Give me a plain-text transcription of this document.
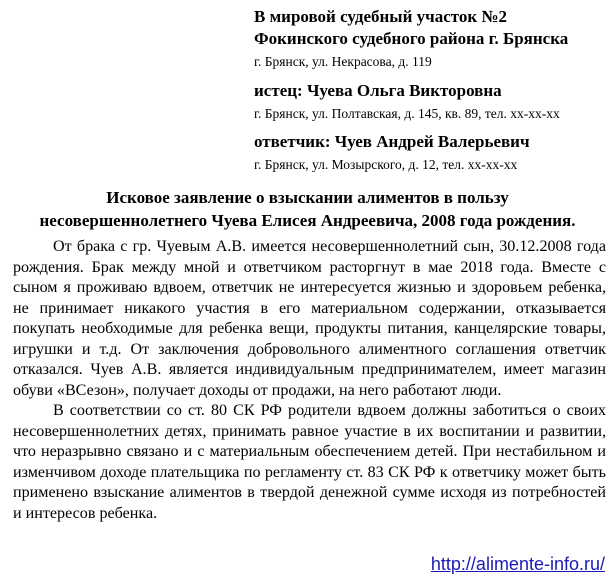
В мировой судебный участок №2
Фокинского судебного района г. Брянска
г. Брянск, ул. Некрасова, д. 119
истец: Чуева Ольга Викторовна
г. Брянск, ул. Полтавская, д. 145, кв. 89, тел. хх-хх-хх
ответчик: Чуев Андрей Валерьевич
г. Брянск, ул. Мозырского, д. 12, тел. хх-хх-хх
Исковое заявление о взыскании алиментов в пользу
несовершеннолетнего Чуева Елисея Андреевича, 2008 года рождения.

От брака с гр. Чуевым А.В. имеется несовершеннолетний сын, 30.12.2008 года рождения. Брак между мной и ответчиком расторгнут в мае 2018 года. Вместе с сыном я проживаю вдвоем, ответчик не интересуется жизнью и здоровьем ребенка, не принимает никакого участия в его материальном содержании, отказывается покупать необходимые для ребенка вещи, продукты питания, канцелярские товары, игрушки и т.д. От заключения добровольного алиментного соглашения ответчик отказался. Чуев А.В. является индивидуальным предпринимателем, имеет магазин обуви «ВСезон», получает доходы от продажи, на него работают люди.

В соответствии со ст. 80 СК РФ родители вдвоем должны заботиться о своих несовершеннолетних детях, принимать равное участие в их воспитании и развитии, что неразрывно связано и с материальным обеспечением детей. При нестабильном и изменчивом доходе плательщика по регламенту ст. 83 СК РФ к ответчику может быть применено взыскание алиментов в твердой денежной сумме исходя из потребностей и интересов ребенка.

http://alimente-info.ru/
